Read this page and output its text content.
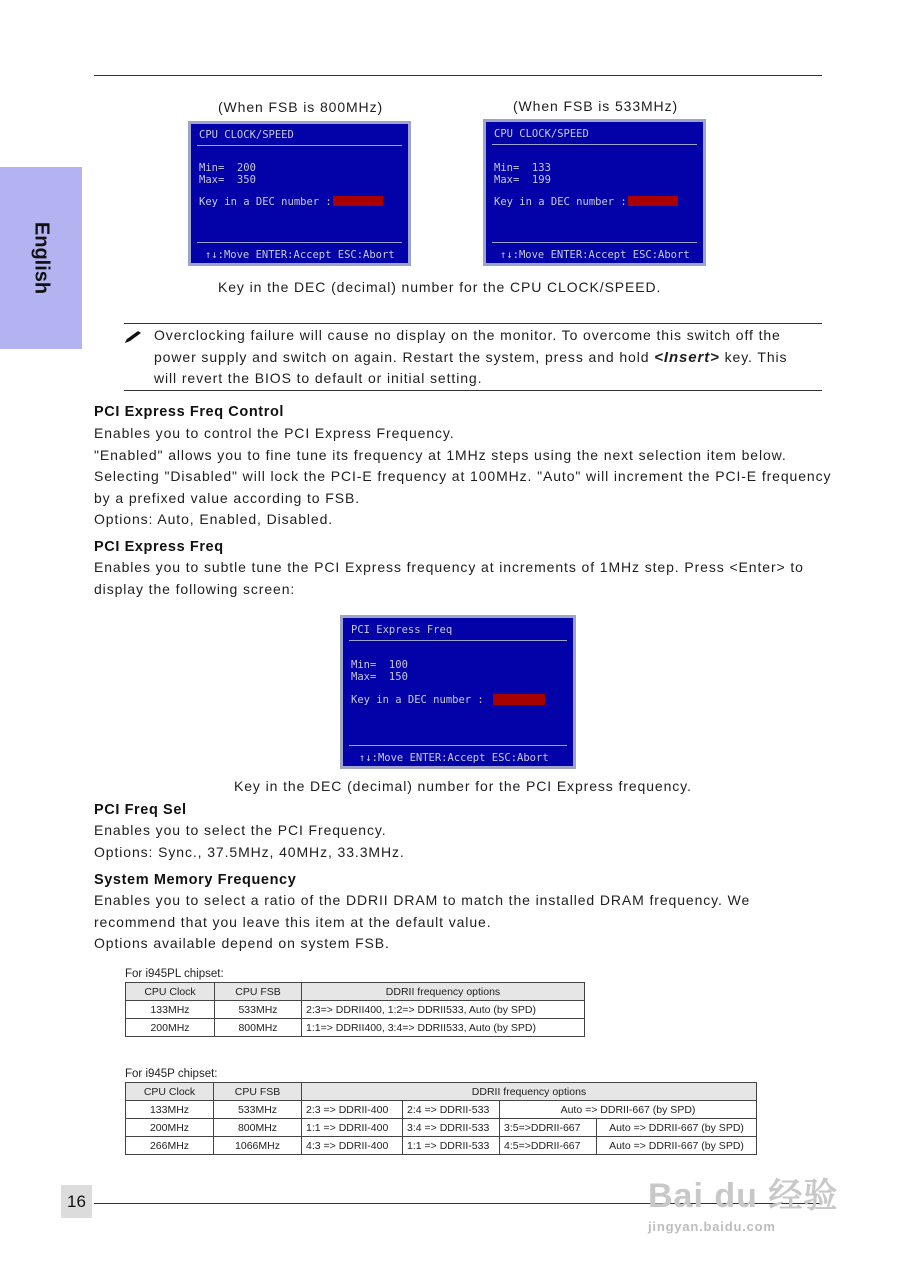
English
(When FSB is 800MHz)	(When FSB is 533MHz)
CPU CLOCK/SPEED
Min=  200
Max=  350
Key in a DEC number :
↑↓:Move ENTER:Accept ESC:Abort
CPU CLOCK/SPEED
Min=  133
Max=  199
Key in a DEC number :
↑↓:Move ENTER:Accept ESC:Abort
Key in the DEC (decimal) number for the CPU CLOCK/SPEED.
Overclocking failure will cause no display on the monitor. To overcome this switch off the
power supply and switch on again. Restart the system, press and hold <Insert> key. This
will revert the BIOS to default or initial setting.
PCI Express Freq Control
Enables you to control the PCI Express Frequency.
"Enabled" allows you to fine tune its frequency at 1MHz steps using the next selection item below.
Selecting "Disabled" will lock the PCI-E frequency at 100MHz. "Auto" will increment the PCI-E frequency
by a prefixed value according to FSB.
Options: Auto, Enabled, Disabled.
PCI Express Freq
Enables you to subtle tune the PCI Express frequency at increments of 1MHz step. Press <Enter> to
display the following screen:
PCI Express Freq
Min=  100
Max=  150
Key in a DEC number :
↑↓:Move ENTER:Accept ESC:Abort
Key in the DEC (decimal) number for the PCI Express frequency.
PCI Freq Sel
Enables you to select the PCI Frequency.
Options: Sync., 37.5MHz, 40MHz, 33.3MHz.
System Memory Frequency
Enables you to select a ratio of the DDRII DRAM to match the installed DRAM frequency. We
recommend that you leave this item at the default value.
Options available depend on system FSB.
For i945PL chipset:
CPU Clock	CPU FSB	DDRII frequency options
133MHz	533MHz	2:3=> DDRII400, 1:2=> DDRII533, Auto (by SPD)
200MHz	800MHz	1:1=> DDRII400, 3:4=> DDRII533, Auto (by SPD)
For i945P chipset:
CPU Clock	CPU FSB	DDRII frequency options			
133MHz	533MHz	2:3 => DDRII-400	2:4 => DDRII-533	Auto => DDRII-667 (by SPD)	
200MHz	800MHz	1:1 => DDRII-400	3:4 => DDRII-533	3:5=>DDRII-667	Auto => DDRII-667 (by SPD)
266MHz	1066MHz	4:3 => DDRII-400	1:1 => DDRII-533	4:5=>DDRII-667	Auto => DDRII-667 (by SPD)
16	Bai du 经验
jingyan.baidu.com
